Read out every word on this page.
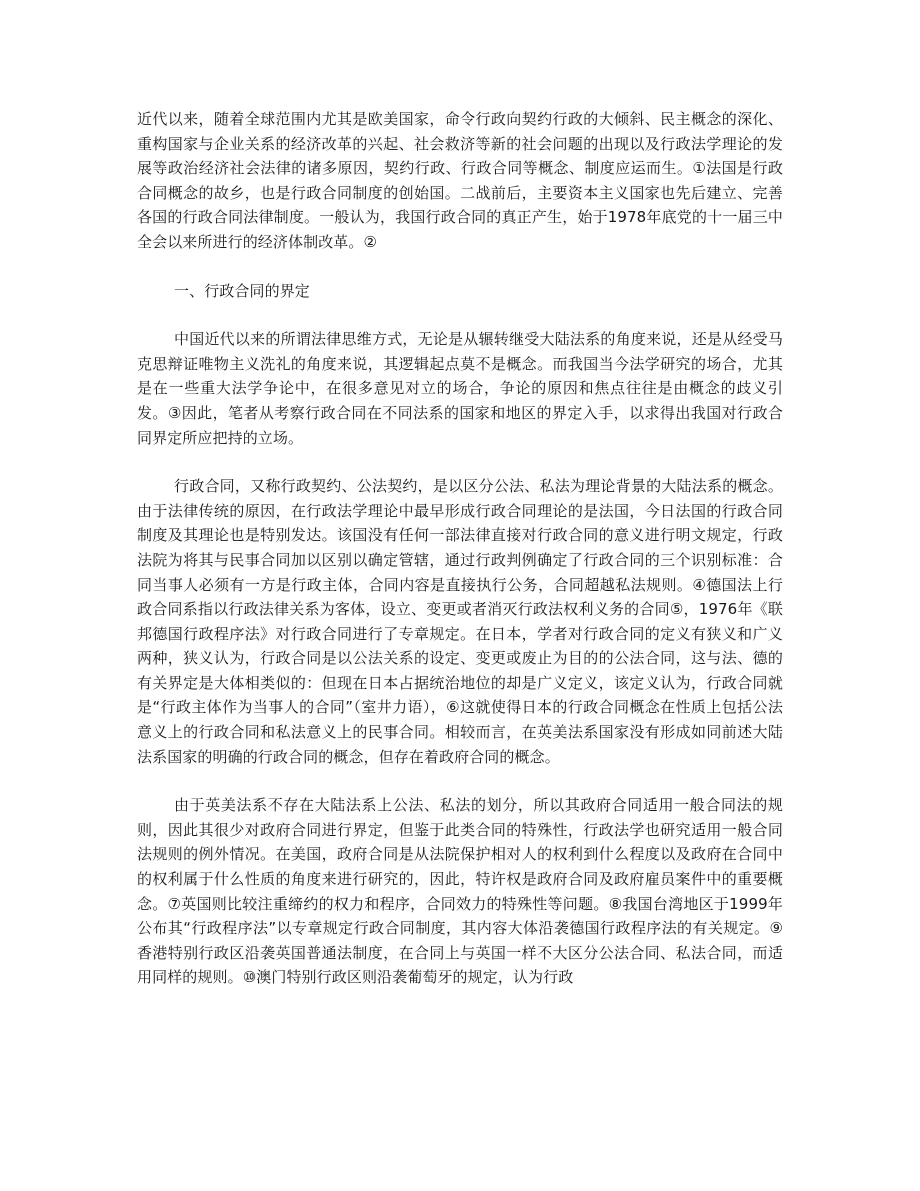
近代以来，随着全球范围内尤其是欧美国家，命令行政向契约行政的大倾斜、民主概念的深化、重构国家与企业关系的经济改革的兴起、社会救济等新的社会问题的出现以及行政法学理论的发展等政治经济社会法律的诸多原因，契约行政、行政合同等概念、制度应运而生。①法国是行政合同概念的故乡，也是行政合同制度的创始国。二战前后，主要资本主义国家也先后建立、完善各国的行政合同法律制度。一般认为，我国行政合同的真正产生，始于1978年底党的十一届三中全会以来所进行的经济体制改革。②

一、行政合同的界定

中国近代以来的所谓法律思维方式，无论是从辗转继受大陆法系的角度来说，还是从经受马克思辩证唯物主义洗礼的角度来说，其逻辑起点莫不是概念。而我国当今法学研究的场合，尤其是在一些重大法学争论中，在很多意见对立的场合，争论的原因和焦点往往是由概念的歧义引发。③因此，笔者从考察行政合同在不同法系的国家和地区的界定入手，以求得出我国对行政合同界定所应把持的立场。

行政合同，又称行政契约、公法契约，是以区分公法、私法为理论背景的大陆法系的概念。由于法律传统的原因，在行政法学理论中最早形成行政合同理论的是法国，今日法国的行政合同制度及其理论也是特别发达。该国没有任何一部法律直接对行政合同的意义进行明文规定，行政法院为将其与民事合同加以区别以确定管辖，通过行政判例确定了行政合同的三个识别标准：合同当事人必须有一方是行政主体，合同内容是直接执行公务，合同超越私法规则。④德国法上行政合同系指以行政法律关系为客体，设立、变更或者消灭行政法权利义务的合同⑤，1976年《联邦德国行政程序法》对行政合同进行了专章规定。在日本，学者对行政合同的定义有狭义和广义两种，狭义认为，行政合同是以公法关系的设定、变更或废止为目的的公法合同，这与法、德的有关界定是大体相类似的：但现在日本占据统治地位的却是广义定义，该定义认为，行政合同就是“行政主体作为当事人的合同”（室井力语），⑥这就使得日本的行政合同概念在性质上包括公法意义上的行政合同和私法意义上的民事合同。相较而言，在英美法系国家没有形成如同前述大陆法系国家的明确的行政合同的概念，但存在着政府合同的概念。

由于英美法系不存在大陆法系上公法、私法的划分，所以其政府合同适用一般合同法的规则，因此其很少对政府合同进行界定，但鉴于此类合同的特殊性，行政法学也研究适用一般合同法规则的例外情况。在美国，政府合同是从法院保护相对人的权利到什么程度以及政府在合同中的权利属于什么性质的角度来进行研究的，因此，特许权是政府合同及政府雇员案件中的重要概念。⑦英国则比较注重缔约的权力和程序，合同效力的特殊性等问题。⑧我国台湾地区于1999年公布其“行政程序法”以专章规定行政合同制度，其内容大体沿袭德国行政程序法的有关规定。⑨香港特别行政区沿袭英国普通法制度，在合同上与英国一样不大区分公法合同、私法合同，而适用同样的规则。⑩澳门特别行政区则沿袭葡萄牙的规定，认为行政
